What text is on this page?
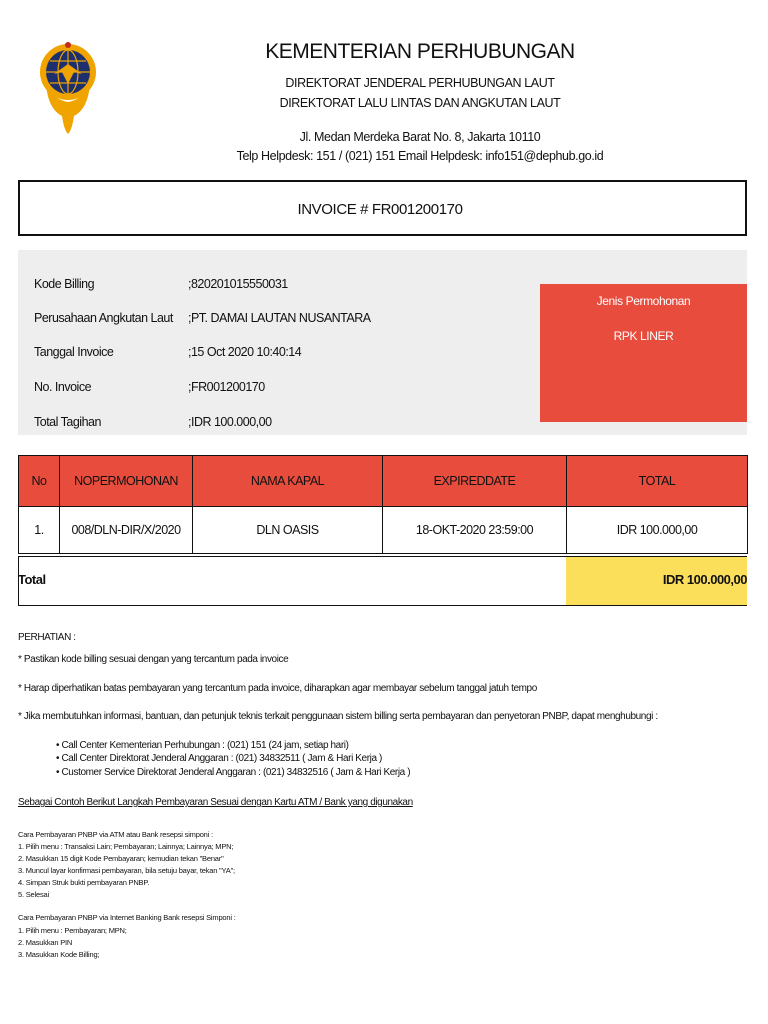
KEMENTERIAN PERHUBUNGAN
DIREKTORAT JENDERAL PERHUBUNGAN LAUT
DIREKTORAT LALU LINTAS DAN ANGKUTAN LAUT
Jl. Medan Merdeka Barat No. 8, Jakarta 10110
Telp Helpdesk: 151 / (021) 151 Email Helpdesk: info151@dephub.go.id
INVOICE # FR001200170
Kode Billing	;820201015550031
Perusahaan Angkutan Laut ;PT. DAMAI LAUTAN NUSANTARA
Tanggal Invoice	;15 Oct 2020 10:40:14
No. Invoice	;FR001200170
Total Tagihan	;IDR 100.000,00
Jenis Permohonan
RPK LINER
No	NOPERMOHONAN	NAMA KAPAL	EXPIREDDATE	TOTAL
1.	008/DLN-DIR/X/2020	DLN OASIS	18-OKT-2020 23:59:00	IDR 100.000,00
Total	IDR 100.000,00
PERHATIAN :
* Pastikan kode billing sesuai dengan yang tercantum pada invoice
* Harap diperhatikan batas pembayaran yang tercantum pada invoice, diharapkan agar membayar sebelum tanggal jatuh tempo
* Jika membutuhkan informasi, bantuan, dan petunjuk teknis terkait penggunaan sistem billing serta pembayaran dan penyetoran PNBP, dapat menghubungi :
• Call Center Kementerian Perhubungan : (021) 151 (24 jam, setiap hari)
• Call Center Direktorat Jenderal Anggaran : (021) 34832511 ( Jam & Hari Kerja )
• Customer Service Direktorat Jenderal Anggaran : (021) 34832516 ( Jam & Hari Kerja )
Sebagai Contoh Berikut Langkah Pembayaran Sesuai dengan Kartu ATM / Bank yang digunakan
Cara Pembayaran PNBP via ATM atau Bank resepsi simponi :
1. Pilih menu : Transaksi Lain; Pembayaran; Lainnya; Lainnya; MPN;
2. Masukkan 15 digit Kode Pembayaran; kemudian tekan "Benar"
3. Muncul layar konfirmasi pembayaran, bila setuju bayar, tekan "YA";
4. Simpan Struk bukti pembayaran PNBP.
5. Selesai
Cara Pembayaran PNBP via Internet Banking Bank resepsi Simponi :
1. Pilih menu : Pembayaran; MPN;
2. Masukkan PIN
3. Masukkan Kode Billing;
